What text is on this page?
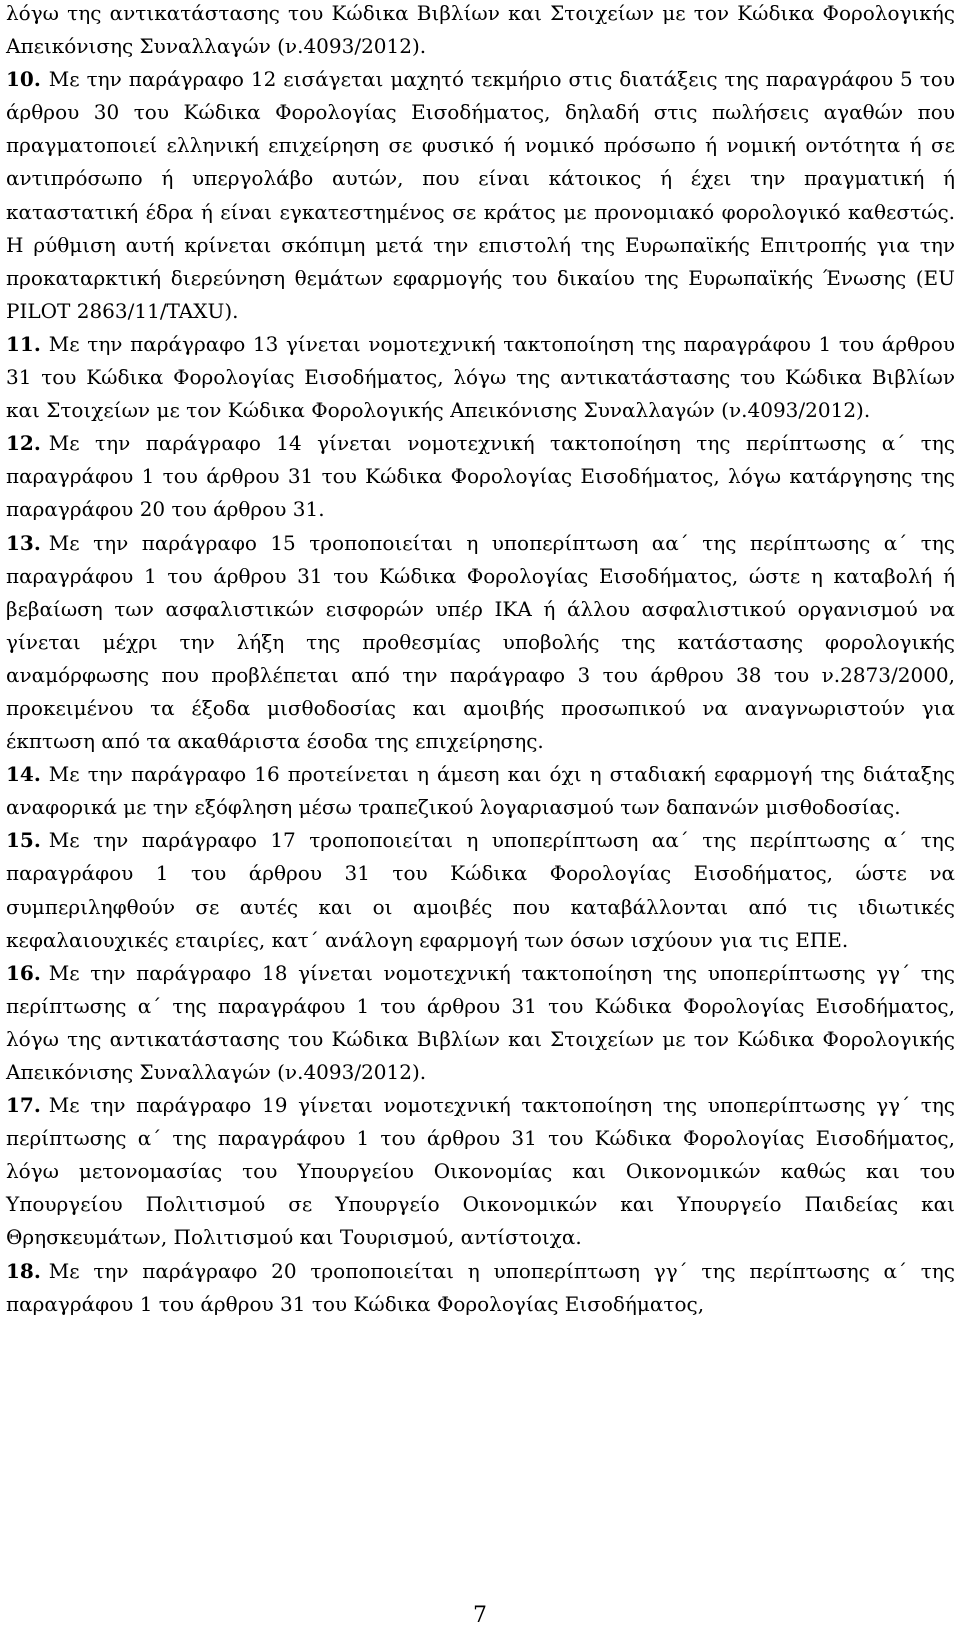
λόγω της αντικατάστασης του Κώδικα Βιβλίων και Στοιχείων με τον Κώδικα Φορολογικής Απεικόνισης Συναλλαγών (ν.4093/2012).

10. Με την παράγραφο 12 εισάγεται μαχητό τεκμήριο στις διατάξεις της παραγράφου 5 του άρθρου 30 του Κώδικα Φορολογίας Εισοδήματος, δηλαδή στις πωλήσεις αγαθών που πραγματοποιεί ελληνική επιχείρηση σε φυσικό ή νομικό πρόσωπο ή νομική οντότητα ή σε αντιπρόσωπο ή υπεργολάβο αυτών, που είναι κάτοικος ή έχει την πραγματική ή καταστατική έδρα ή είναι εγκατεστημένος σε κράτος με προνομιακό φορολογικό καθεστώς. Η ρύθμιση αυτή κρίνεται σκόπιμη μετά την επιστολή της Ευρωπαϊκής Επιτροπής για την προκαταρκτική διερεύνηση θεμάτων εφαρμογής του δικαίου της Ευρωπαϊκής Ένωσης (EU PILOT 2863/11/TAXU).

11. Με την παράγραφο 13 γίνεται νομοτεχνική τακτοποίηση της παραγράφου 1 του άρθρου 31 του Κώδικα Φορολογίας Εισοδήματος, λόγω της αντικατάστασης του Κώδικα Βιβλίων και Στοιχείων με τον Κώδικα Φορολογικής Απεικόνισης Συναλλαγών (ν.4093/2012).

12. Με την παράγραφο 14 γίνεται νομοτεχνική τακτοποίηση της περίπτωσης α΄ της παραγράφου 1 του άρθρου 31 του Κώδικα Φορολογίας Εισοδήματος, λόγω κατάργησης της παραγράφου 20 του άρθρου 31.

13. Με την παράγραφο 15 τροποποιείται η υποπερίπτωση αα΄ της περίπτωσης α΄ της παραγράφου 1 του άρθρου 31 του Κώδικα Φορολογίας Εισοδήματος, ώστε η καταβολή ή βεβαίωση των ασφαλιστικών εισφορών υπέρ ΙΚΑ ή άλλου ασφαλιστικού οργανισμού να γίνεται μέχρι την λήξη της προθεσμίας υποβολής της κατάστασης φορολογικής αναμόρφωσης που προβλέπεται από την παράγραφο 3 του άρθρου 38 του ν.2873/2000, προκειμένου τα έξοδα μισθοδοσίας και αμοιβής προσωπικού να αναγνωριστούν για έκπτωση από τα ακαθάριστα έσοδα της επιχείρησης.

14. Με την παράγραφο 16 προτείνεται η άμεση και όχι η σταδιακή εφαρμογή της διάταξης αναφορικά με την εξόφληση μέσω τραπεζικού λογαριασμού των δαπανών μισθοδοσίας.

15. Με την παράγραφο 17 τροποποιείται η υποπερίπτωση αα΄ της περίπτωσης α΄ της παραγράφου 1 του άρθρου 31 του Κώδικα Φορολογίας Εισοδήματος, ώστε να συμπεριληφθούν σε αυτές και οι αμοιβές που καταβάλλονται από τις ιδιωτικές κεφαλαιουχικές εταιρίες, κατ΄ ανάλογη εφαρμογή των όσων ισχύουν για τις ΕΠΕ.

16. Με την παράγραφο 18 γίνεται νομοτεχνική τακτοποίηση της υποπερίπτωσης γγ΄ της περίπτωσης α΄ της παραγράφου 1 του άρθρου 31 του Κώδικα Φορολογίας Εισοδήματος, λόγω της αντικατάστασης του Κώδικα Βιβλίων και Στοιχείων με τον Κώδικα Φορολογικής Απεικόνισης Συναλλαγών (ν.4093/2012).

17. Με την παράγραφο 19 γίνεται νομοτεχνική τακτοποίηση της υποπερίπτωσης γγ΄ της περίπτωσης α΄ της παραγράφου 1 του άρθρου 31 του Κώδικα Φορολογίας Εισοδήματος, λόγω μετονομασίας του Υπουργείου Οικονομίας και Οικονομικών καθώς και του Υπουργείου Πολιτισμού σε Υπουργείο Οικονομικών και Υπουργείο Παιδείας και Θρησκευμάτων, Πολιτισμού και Τουρισμού, αντίστοιχα.

18. Με την παράγραφο 20 τροποποιείται η υποπερίπτωση γγ΄ της περίπτωσης α΄ της παραγράφου 1 του άρθρου 31 του Κώδικα Φορολογίας Εισοδήματος,

7
